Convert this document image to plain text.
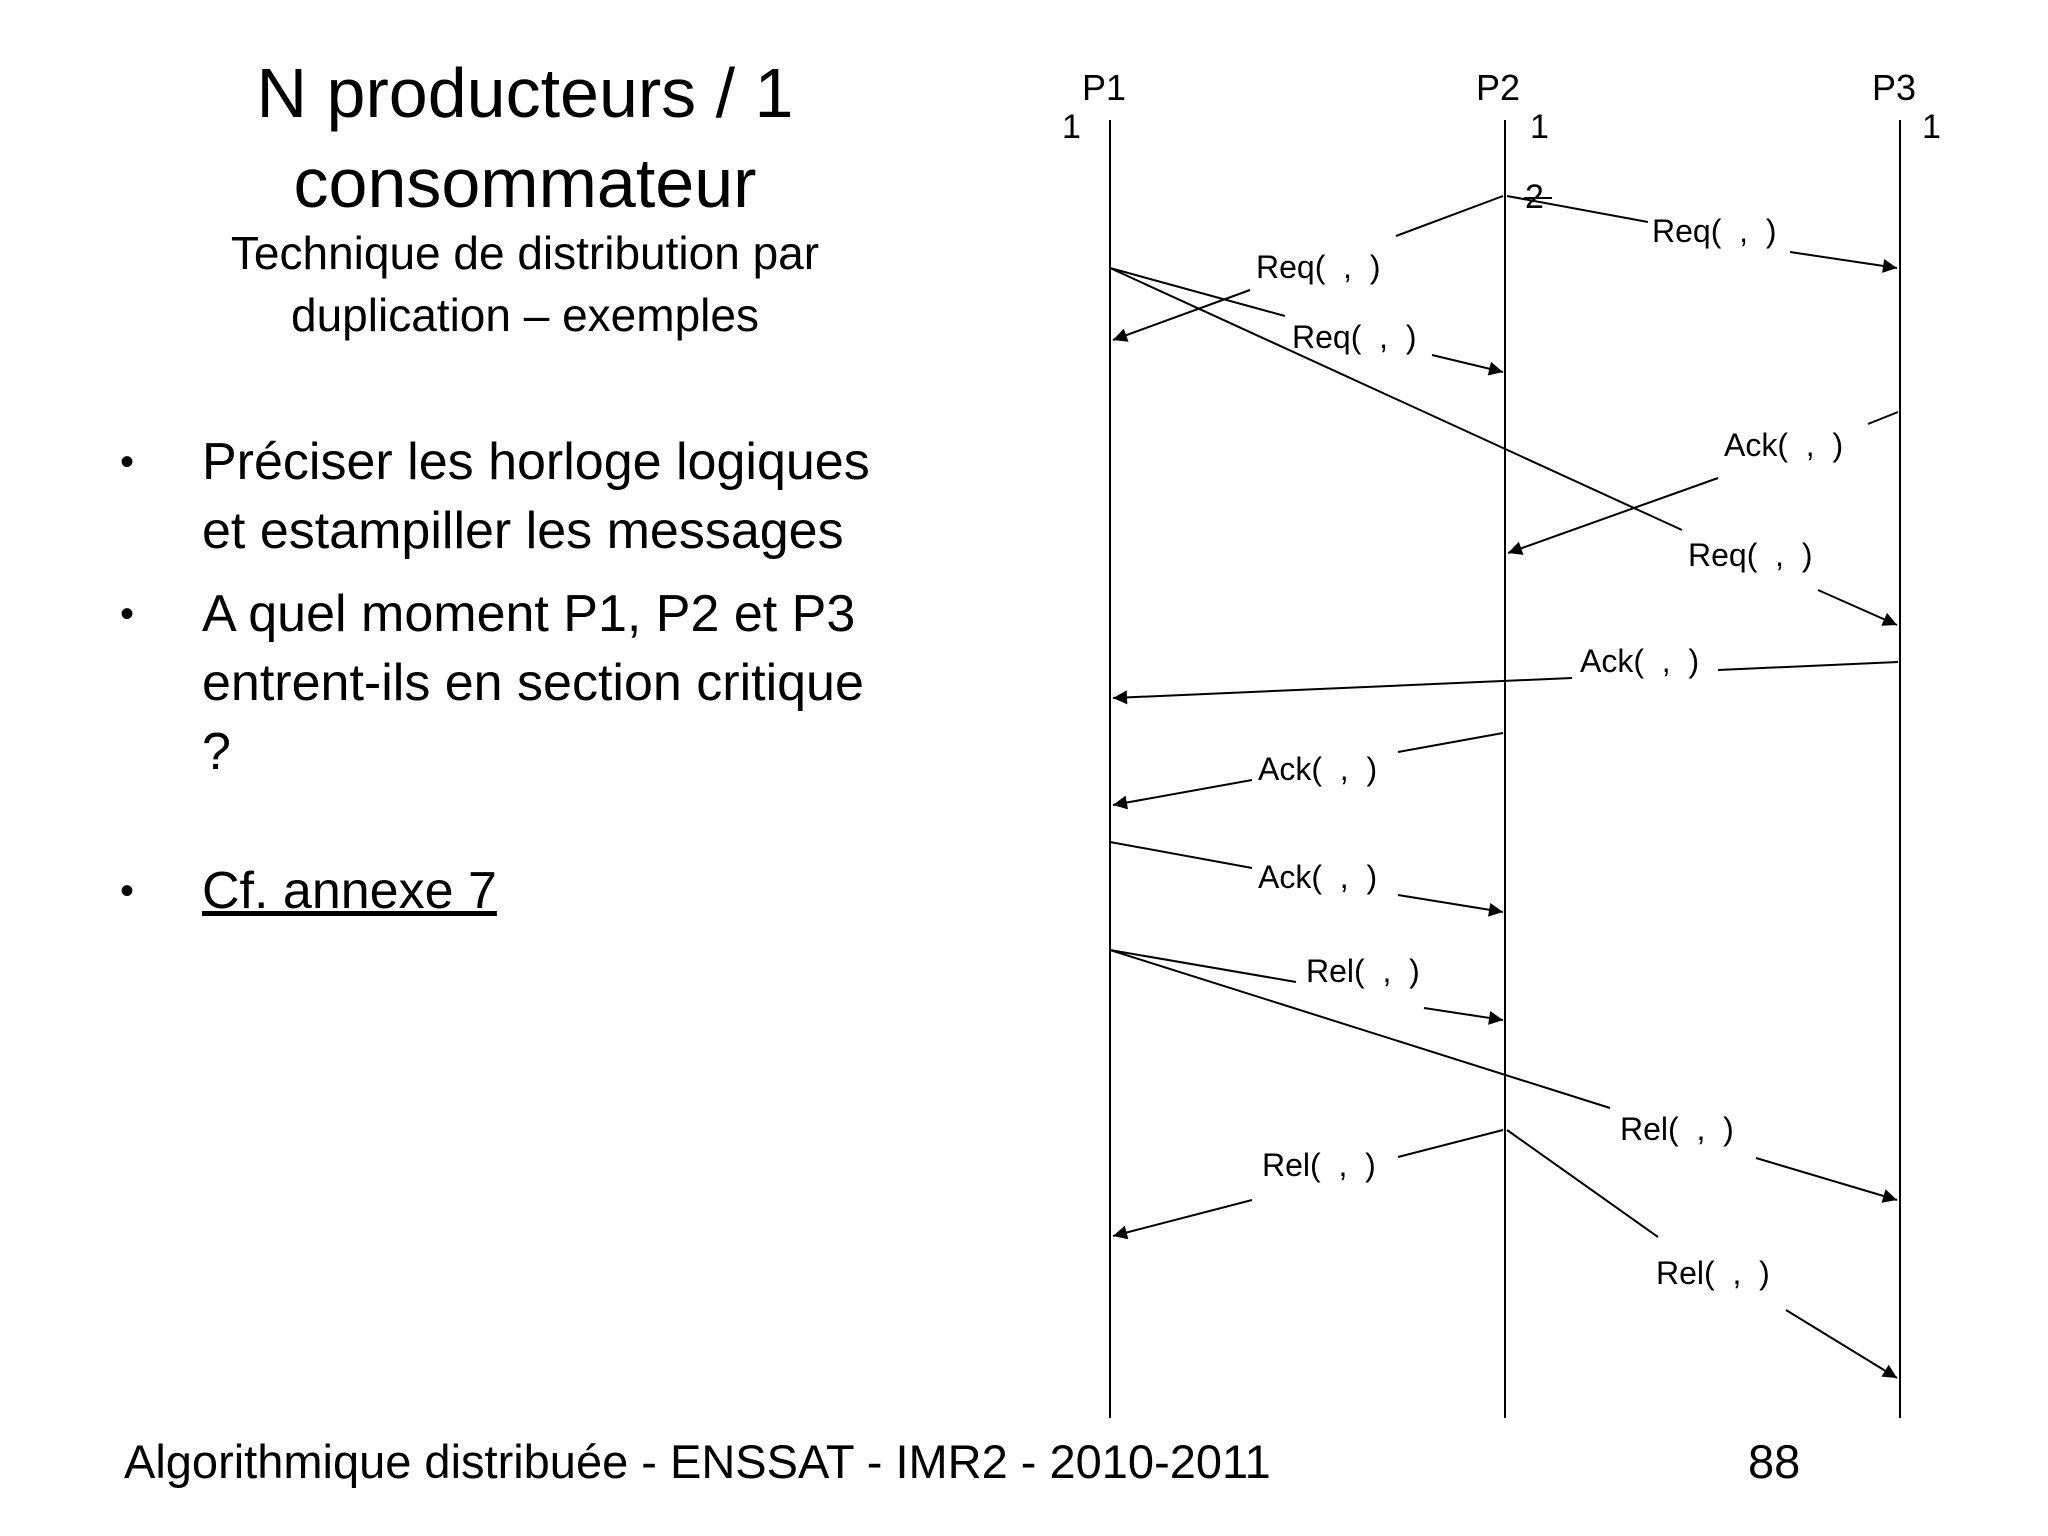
N producteurs / 1 consommateur
Technique de distribution par duplication – exemples
• Préciser les horloge logiques et estampiller les messages
• A quel moment P1, P2 et P3 entrent-ils en section critique ?
• Cf. annexe 7
P1
1
P2
1
P3
1
2
Req(  ,  )
Req(  ,  )
Req(  ,  )
Ack(  ,  )
Req(  ,  )
Ack(  ,  )
Ack(  ,  )
Ack(  ,  )
Rel(  ,  )
Rel(  ,  )
Rel(  ,  )
Rel(  ,  )
Algorithmique distribuée - ENSSAT - IMR2 - 2010-2011	88
